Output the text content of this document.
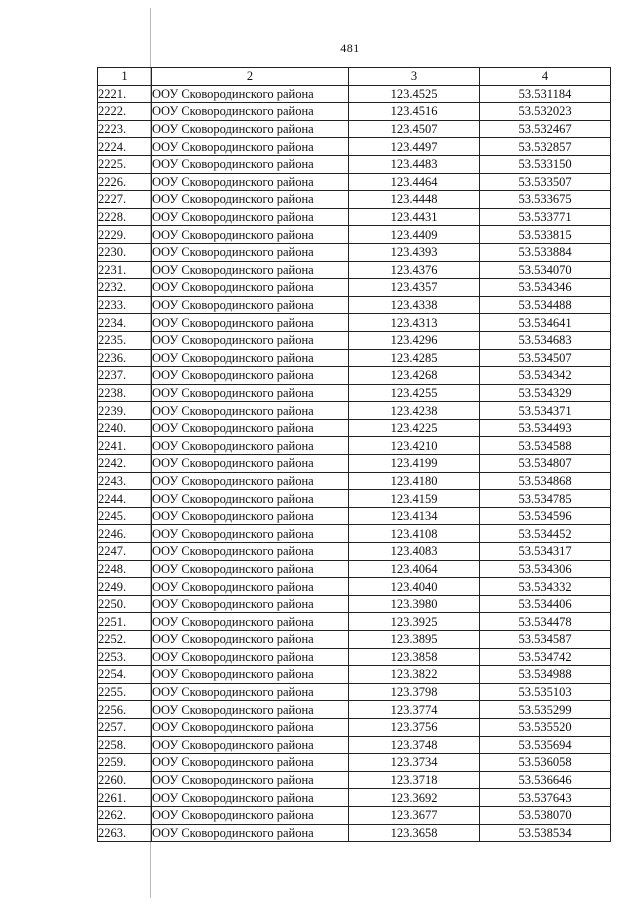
481
1	2	3	4
2221.	ООУ Сковородинского района	123.4525	53.531184
2222.	ООУ Сковородинского района	123.4516	53.532023
2223.	ООУ Сковородинского района	123.4507	53.532467
2224.	ООУ Сковородинского района	123.4497	53.532857
2225.	ООУ Сковородинского района	123.4483	53.533150
2226.	ООУ Сковородинского района	123.4464	53.533507
2227.	ООУ Сковородинского района	123.4448	53.533675
2228.	ООУ Сковородинского района	123.4431	53.533771
2229.	ООУ Сковородинского района	123.4409	53.533815
2230.	ООУ Сковородинского района	123.4393	53.533884
2231.	ООУ Сковородинского района	123.4376	53.534070
2232.	ООУ Сковородинского района	123.4357	53.534346
2233.	ООУ Сковородинского района	123.4338	53.534488
2234.	ООУ Сковородинского района	123.4313	53.534641
2235.	ООУ Сковородинского района	123.4296	53.534683
2236.	ООУ Сковородинского района	123.4285	53.534507
2237.	ООУ Сковородинского района	123.4268	53.534342
2238.	ООУ Сковородинского района	123.4255	53.534329
2239.	ООУ Сковородинского района	123.4238	53.534371
2240.	ООУ Сковородинского района	123.4225	53.534493
2241.	ООУ Сковородинского района	123.4210	53.534588
2242.	ООУ Сковородинского района	123.4199	53.534807
2243.	ООУ Сковородинского района	123.4180	53.534868
2244.	ООУ Сковородинского района	123.4159	53.534785
2245.	ООУ Сковородинского района	123.4134	53.534596
2246.	ООУ Сковородинского района	123.4108	53.534452
2247.	ООУ Сковородинского района	123.4083	53.534317
2248.	ООУ Сковородинского района	123.4064	53.534306
2249.	ООУ Сковородинского района	123.4040	53.534332
2250.	ООУ Сковородинского района	123.3980	53.534406
2251.	ООУ Сковородинского района	123.3925	53.534478
2252.	ООУ Сковородинского района	123.3895	53.534587
2253.	ООУ Сковородинского района	123.3858	53.534742
2254.	ООУ Сковородинского района	123.3822	53.534988
2255.	ООУ Сковородинского района	123.3798	53.535103
2256.	ООУ Сковородинского района	123.3774	53.535299
2257.	ООУ Сковородинского района	123.3756	53.535520
2258.	ООУ Сковородинского района	123.3748	53.535694
2259.	ООУ Сковородинского района	123.3734	53.536058
2260.	ООУ Сковородинского района	123.3718	53.536646
2261.	ООУ Сковородинского района	123.3692	53.537643
2262.	ООУ Сковородинского района	123.3677	53.538070
2263.	ООУ Сковородинского района	123.3658	53.538534
